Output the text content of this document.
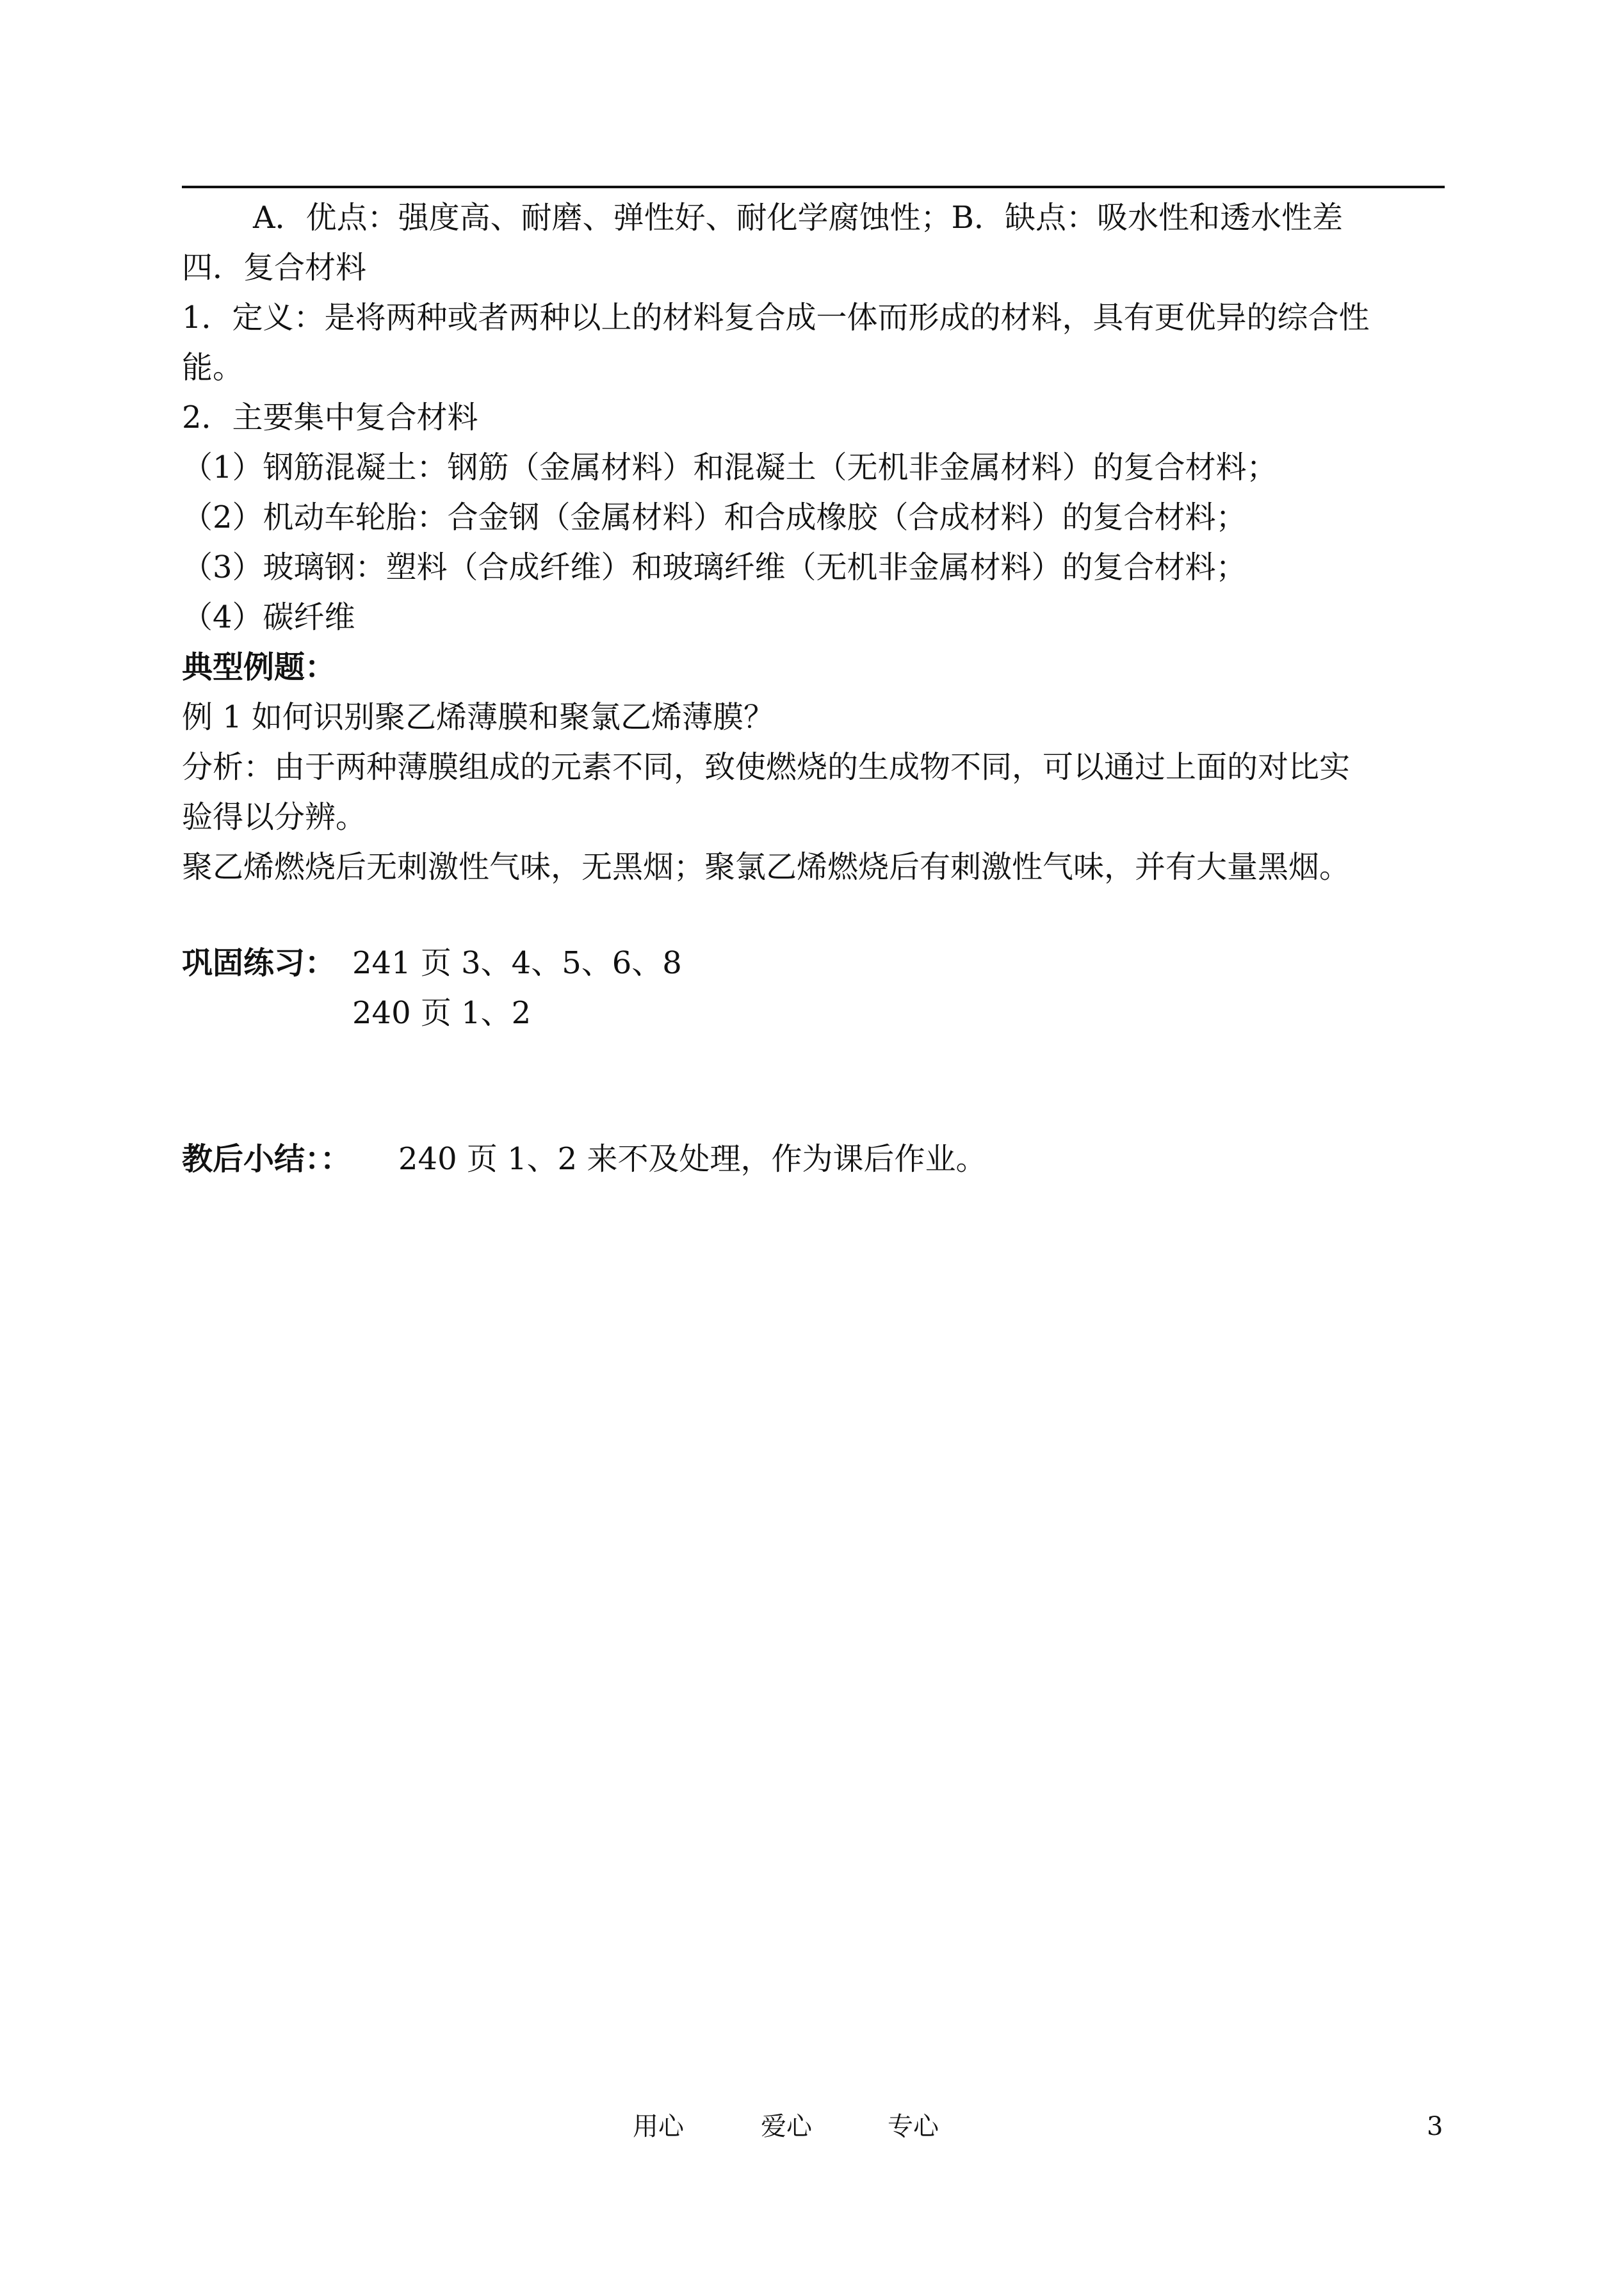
A．优点：强度高、耐磨、弹性好、耐化学腐蚀性；B．缺点：吸水性和透水性差
四．复合材料
1．定义：是将两种或者两种以上的材料复合成一体而形成的材料，具有更优异的综合性
能。
2．主要集中复合材料
（1）钢筋混凝土：钢筋（金属材料）和混凝土（无机非金属材料）的复合材料；
（2）机动车轮胎：合金钢（金属材料）和合成橡胶（合成材料）的复合材料；
（3）玻璃钢：塑料（合成纤维）和玻璃纤维（无机非金属材料）的复合材料；
（4）碳纤维
典型例题：
例 1 如何识别聚乙烯薄膜和聚氯乙烯薄膜？
分析：由于两种薄膜组成的元素不同，致使燃烧的生成物不同，可以通过上面的对比实
验得以分辨。
聚乙烯燃烧后无刺激性气味，无黑烟；聚氯乙烯燃烧后有刺激性气味，并有大量黑烟。
巩固练习： 241 页 3、4、5、6、8
240 页 1、2
教后小结：： 240 页 1、2 来不及处理，作为课后作业。
用心	爱心	专心	3
